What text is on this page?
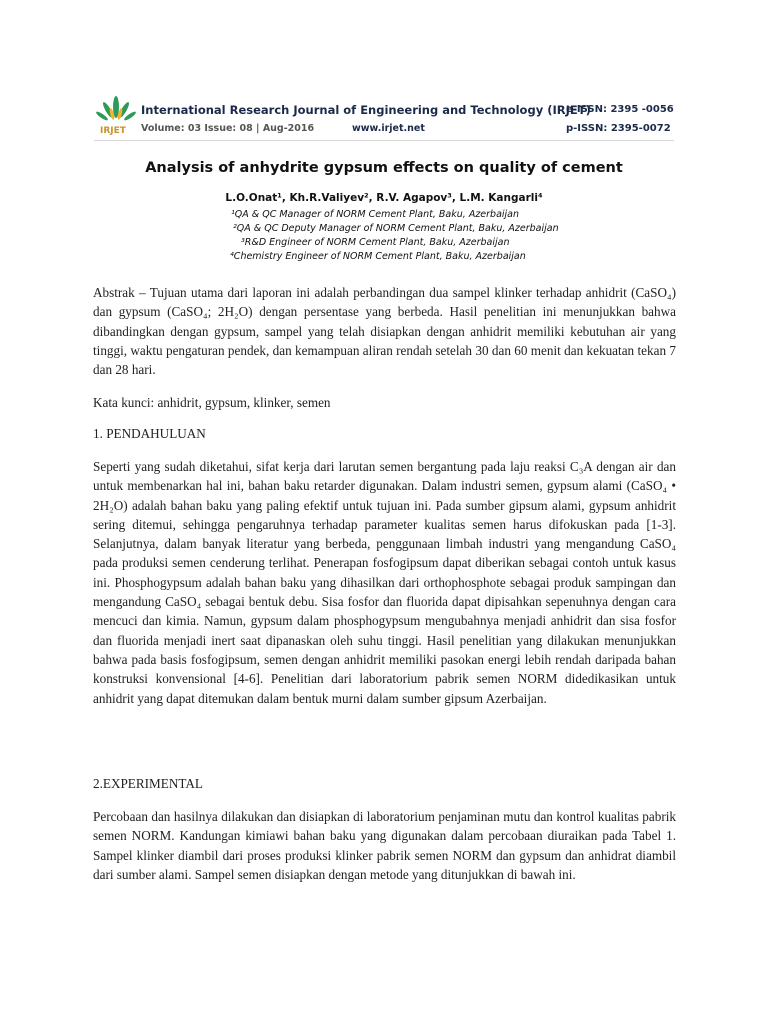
IRJET
International Research Journal of Engineering and Technology (IRJET)
e-ISSN: 2395 -0056
Volume: 03 Issue: 08 | Aug-2016	www.irjet.net	p-ISSN: 2395-0072
Analysis of anhydrite gypsum effects on quality of cement
L.O.Onat¹, Kh.R.Valiyev², R.V. Agapov³, L.M. Kangarli⁴
¹QA & QC Manager of NORM Cement Plant, Baku, Azerbaijan
²QA & QC Deputy Manager of NORM Cement Plant, Baku, Azerbaijan
³R&D Engineer of NORM Cement Plant, Baku, Azerbaijan
⁴Chemistry Engineer of NORM Cement Plant, Baku, Azerbaijan
Abstrak – Tujuan utama dari laporan ini adalah perbandingan dua sampel klinker terhadap anhidrit (CaSO₄) dan gypsum (CaSO₄; 2H₂O) dengan persentase yang berbeda. Hasil penelitian ini menunjukkan bahwa dibandingkan dengan gypsum, sampel yang telah disiapkan dengan anhidrit memiliki kebutuhan air yang tinggi, waktu pengaturan pendek, dan kemampuan aliran rendah setelah 30 dan 60 menit dan kekuatan tekan 7 dan 28 hari.
Kata kunci: anhidrit, gypsum, klinker, semen
1. PENDAHULUAN
Seperti yang sudah diketahui, sifat kerja dari larutan semen bergantung pada laju reaksi C₃A dengan air dan untuk membenarkan hal ini, bahan baku retarder digunakan. Dalam industri semen, gypsum alami (CaSO₄ • 2H₂O) adalah bahan baku yang paling efektif untuk tujuan ini. Pada sumber gipsum alami, gypsum anhidrit sering ditemui, sehingga pengaruhnya terhadap parameter kualitas semen harus difokuskan pada [1-3]. Selanjutnya, dalam banyak literatur yang berbeda, penggunaan limbah industri yang mengandung CaSO₄ pada produksi semen cenderung terlihat. Penerapan fosfogipsum dapat diberikan sebagai contoh untuk kasus ini. Phosphogypsum adalah bahan baku yang dihasilkan dari orthophosphote sebagai produk sampingan dan mengandung CaSO₄ sebagai bentuk debu. Sisa fosfor dan fluorida dapat dipisahkan sepenuhnya dengan cara mencuci dan kimia. Namun, gypsum dalam phosphogypsum mengubahnya menjadi anhidrit dan sisa fosfor dan fluorida menjadi inert saat dipanaskan oleh suhu tinggi. Hasil penelitian yang dilakukan menunjukkan bahwa pada basis fosfogipsum, semen dengan anhidrit memiliki pasokan energi lebih rendah daripada bahan konstruksi konvensional [4-6]. Penelitian dari laboratorium pabrik semen NORM didedikasikan untuk anhidrit yang dapat ditemukan dalam bentuk murni dalam sumber gipsum Azerbaijan.
2.EXPERIMENTAL
Percobaan dan hasilnya dilakukan dan disiapkan di laboratorium penjaminan mutu dan kontrol kualitas pabrik semen NORM. Kandungan kimiawi bahan baku yang digunakan dalam percobaan diuraikan pada Tabel 1. Sampel klinker diambil dari proses produksi klinker pabrik semen NORM dan gypsum dan anhidrat diambil dari sumber alami. Sampel semen disiapkan dengan metode yang ditunjukkan di bawah ini.
